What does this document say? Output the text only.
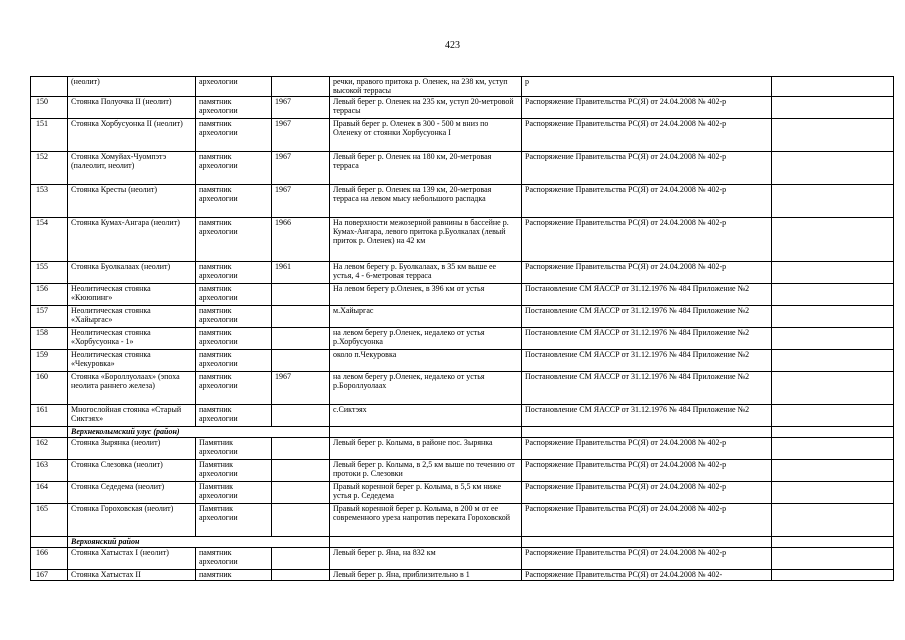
423
	(неолит)	археологии		речки, правого притока р. Оленек, на 238 км, уступ высокой террасы	р	
150	Стоянка Полуочка II (неолит)	памятник археологии	1967	Левый берег р. Оленек на 235 км, уступ 20-метровой террасы	Распоряжение Правительства РС(Я) от 24.04.2008 № 402-р	
151	Стоянка Хорбусуонка II (неолит)	памятник археологии	1967	Правый берег р. Оленек в 300 - 500 м вниз по Оленеку от стоянки Хорбусуонка I	Распоряжение Правительства РС(Я) от 24.04.2008 № 402-р	
152	Стоянка Хомуйах-Чуомпэтэ (палеолит, неолит)	памятник археологии	1967	Левый берег р. Оленек на 180 км, 20-метровая терраса	Распоряжение Правительства РС(Я) от 24.04.2008 № 402-р	
153	Стоянка Кресты (неолит)	памятник археологии	1967	Левый берег р. Оленек на 139 км, 20-метровая терраса на левом мысу небольшого распадка	Распоряжение Правительства РС(Я) от 24.04.2008 № 402-р	
154	Стоянка Кумах-Ангара (неолит)	памятник археологии	1966	На поверхности межозерной равнины в бассейне р. Кумах-Ангара, левого притока р.Буолкалах (левый приток р. Оленек) на 42 км	Распоряжение Правительства РС(Я) от 24.04.2008 № 402-р	
155	Стоянка Буолкалаах (неолит)	памятник археологии	1961	На левом берегу р. Буолкалаах, в 35 км выше ее устья, 4 - 6-метровая терраса	Распоряжение Правительства РС(Я) от 24.04.2008 № 402-р	
156	Неолитическая стоянка «Кююпинг»	памятник археологии		На левом берегу р.Оленек, в 396 км от устья	Постановление СМ ЯАССР от 31.12.1976 № 484 Приложение №2	
157	Неолитическая стоянка «Хайыргас»	памятник археологии		м.Хайыргас	Постановление СМ ЯАССР от 31.12.1976 № 484 Приложение №2	
158	Неолитическая стоянка «Хорбусуонка - 1»	памятник археологии		на левом берегу р.Оленек, недалеко от устья р.Хорбусуонка	Постановление СМ ЯАССР от 31.12.1976 № 484 Приложение №2	
159	Неолитическая стоянка «Чекуровка»	памятник археологии		около п.Чекуровка	Постановление СМ ЯАССР от 31.12.1976 № 484 Приложение №2	
160	Стоянка «Бороллуолаах» (эпоха неолита раннего железа)	памятник археологии	1967	на левом берегу р.Оленек, недалеко от устья р.Бороллуолаах	Постановление СМ ЯАССР от 31.12.1976 № 484 Приложение №2	
161	Многослойная стоянка «Старый Сиктэях»	памятник археологии		с.Сиктэях	Постановление СМ ЯАССР от 31.12.1976 № 484 Приложение №2	
	Верхнеколымский улус (район)					
162	Стоянка Зырянка (неолит)	Памятник археологии		Левый берег р. Колыма, в районе пос. Зырянка	Распоряжение Правительства РС(Я) от 24.04.2008 № 402-р	
163	Стоянка Слезовка (неолит)	Памятник археологии		Левый берег р. Колыма, в 2,5 км выше по течению от протоки р. Слезовки	Распоряжение Правительства РС(Я) от 24.04.2008 № 402-р	
164	Стоянка Седедема (неолит)	Памятник археологии		Правый коренной берег р. Колыма, в 5,5 км ниже устья р. Седедема	Распоряжение Правительства РС(Я) от 24.04.2008 № 402-р	
165	Стоянка Гороховская (неолит)	Памятник археологии		Правый коренной берег р. Колыма, в 200 м от ее современного уреза напротив переката Гороховской	Распоряжение Правительства РС(Я) от 24.04.2008 № 402-р	
	Верхоянский район					
166	Стоянка Хатыстах I (неолит)	памятник археологии		Левый берег р. Яна, на 832 км	Распоряжение Правительства РС(Я) от 24.04.2008 № 402-р	
167	Стоянка Хатыстах II	памятник		Левый берег р. Яна, приблизительно в 1	Распоряжение Правительства РС(Я) от 24.04.2008 № 402-	
